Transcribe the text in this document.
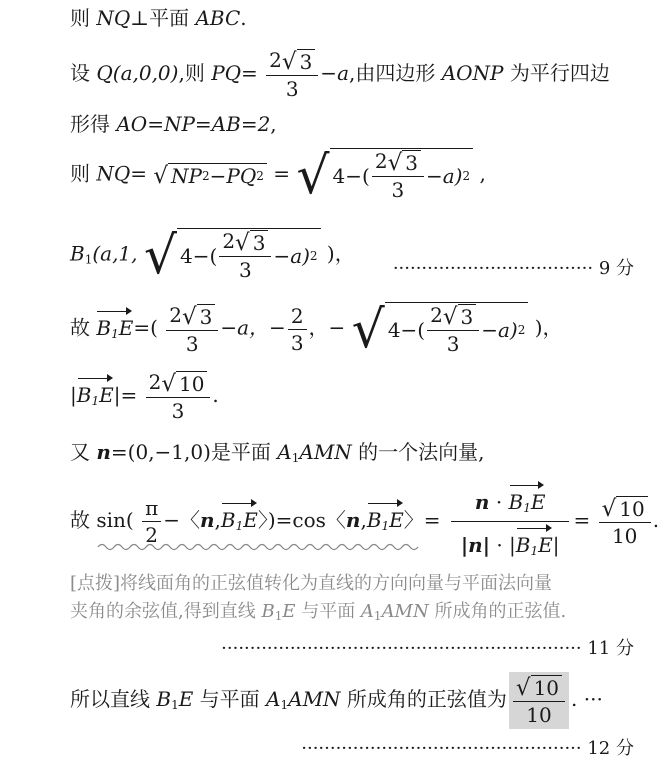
则 NQ⊥平面 ABC.
设 Q(a,0,0),则 $PQ= \frac{2 √ 3}{3} -a$,由四边形 AONP 为平行四边
形得 AO=NP=AB=2,
则 NQ= √ NP 2 − PQ 2 = √ $4-( \frac{2 √ 3}{3} -a)$ 2 ,
$B_1(a,1$, √ $4-( \frac{2 √ 3}{3} -a)$ 2 )，
··································· 9 分
故 $B_1E=( \frac{2 √ 3}{3} -a$，− $\frac{2}{3}$ ，− √ $4-( \frac{2 √ 3}{3} -a)$ 2 )，
$|B_1E|= \frac{2 √ 10}{3}$ .
又 n=(0,−1,0)是平面 $A_1AMN$ 的一个法向量,
故 $\sin( \frac{\pi}{2}$ −〈$n,B_1E$〉)=cos〈$n,B_1E$〉= $\frac{n \cdot B_1E}{|n| \cdot |B_1E|} = \frac{√ 10}{10}$ .
[点拨]将线面角的正弦值转化为直线的方向向量与平面法向量
夹角的余弦值,得到直线 $B_1E$ 与平面 $A_1AMN$ 所成角的正弦值.
······························································· 11 分
所以直线 $B_1E$ 与平面 $A_1AMN$ 所成角的正弦值为 $\frac{√ 10}{10}$ . ···
················································· 12 分
